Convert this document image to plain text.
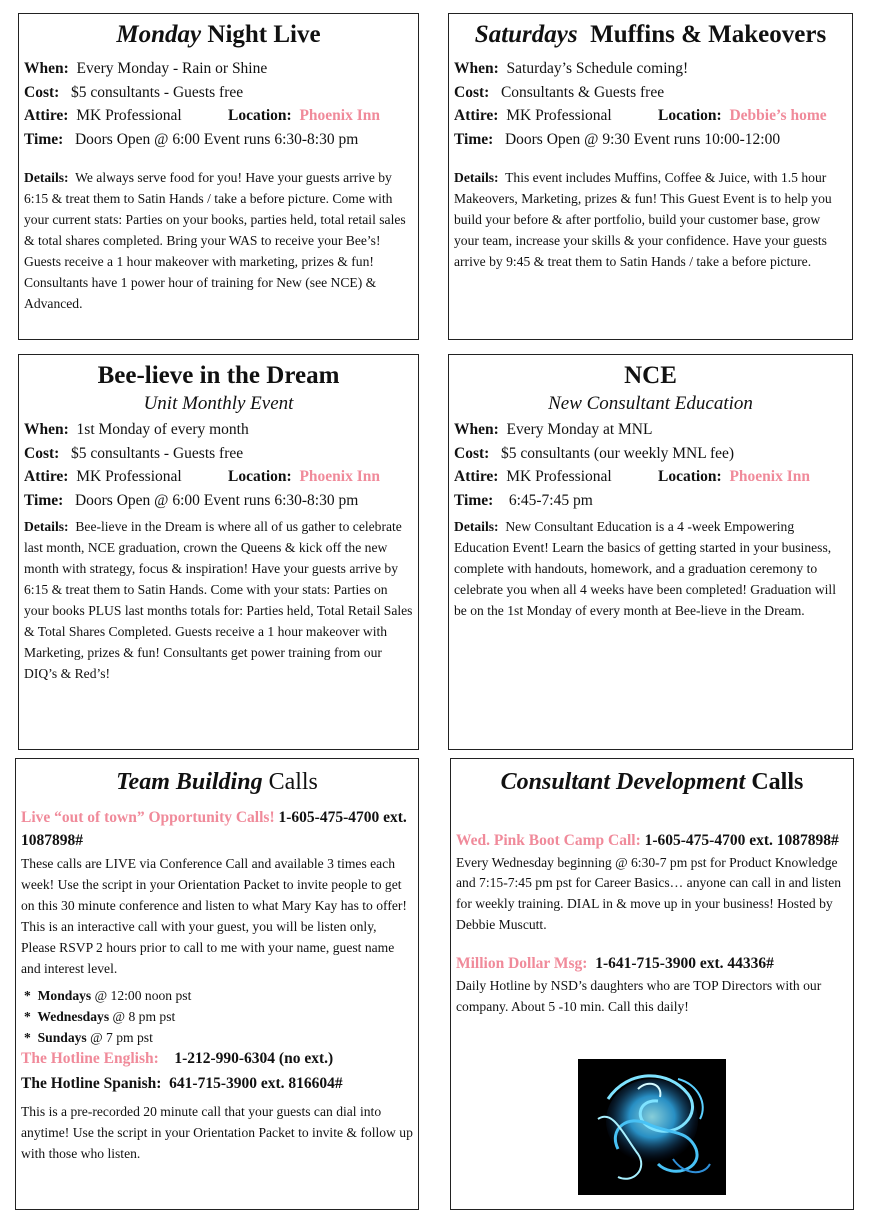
Monday Night Live
When: Every Monday - Rain or Shine
Cost: $5 consultants - Guests free
Attire: MK Professional	Location: Phoenix Inn
Time: Doors Open @ 6:00 Event runs 6:30-8:30 pm
Details: We always serve food for you! Have your guests arrive by 6:15 & treat them to Satin Hands / take a before picture. Come with your current stats: Parties on your books, parties held, total retail sales & total shares completed. Bring your WAS to receive your Bee’s! Guests receive a 1 hour makeover with marketing, prizes & fun! Consultants have 1 power hour of training for New (see NCE) & Advanced.
Saturdays Muffins & Makeovers
When: Saturday’s Schedule coming!
Cost: Consultants & Guests free
Attire: MK Professional	Location: Debbie’s home
Time: Doors Open @ 9:30 Event runs 10:00-12:00
Details: This event includes Muffins, Coffee & Juice, with 1.5 hour Makeovers, Marketing, prizes & fun! This Guest Event is to help you build your before & after portfolio, build your customer base, grow your team, increase your skills & your confidence. Have your guests arrive by 9:45 & treat them to Satin Hands / take a before picture.
Bee-lieve in the Dream
Unit Monthly Event
When: 1st Monday of every month
Cost: $5 consultants - Guests free
Attire: MK Professional	Location: Phoenix Inn
Time: Doors Open @ 6:00 Event runs 6:30-8:30 pm
Details: Bee-lieve in the Dream is where all of us gather to celebrate last month, NCE graduation, crown the Queens & kick off the new month with strategy, focus & inspiration! Have your guests arrive by 6:15 & treat them to Satin Hands. Come with your stats: Parties on your books PLUS last months totals for: Parties held, Total Retail Sales & Total Shares Completed. Guests receive a 1 hour makeover with Marketing, prizes & fun! Consultants get power training from our DIQ’s & Red’s!
NCE
New Consultant Education
When: Every Monday at MNL
Cost: $5 consultants (our weekly MNL fee)
Attire: MK Professional	Location: Phoenix Inn
Time: 6:45-7:45 pm
Details: New Consultant Education is a 4 -week Empowering Education Event! Learn the basics of getting started in your business, complete with handouts, homework, and a graduation ceremony to celebrate you when all 4 weeks have been completed! Graduation will be on the 1st Monday of every month at Bee-lieve in the Dream.
Team Building Calls
Live “out of town” Opportunity Calls! 1-605-475-4700 ext. 1087898#
These calls are LIVE via Conference Call and available 3 times each week! Use the script in your Orientation Packet to invite people to get on this 30 minute conference and listen to what Mary Kay has to offer! This is an interactive call with your guest, you will be listen only, Please RSVP 2 hours prior to call to me with your name, guest name and interest level.
*  Mondays @ 12:00 noon pst
*  Wednesdays @ 8 pm pst
*  Sundays @ 7 pm pst
The Hotline English: 1-212-990-6304 (no ext.)
The Hotline Spanish: 641-715-3900 ext. 816604#
This is a pre-recorded 20 minute call that your guests can dial into anytime! Use the script in your Orientation Packet to invite & follow up with those who listen.
Consultant Development Calls
Wed. Pink Boot Camp Call: 1-605-475-4700 ext. 1087898#
Every Wednesday beginning @ 6:30-7 pm pst for Product Knowledge and 7:15-7:45 pm pst for Career Basics… anyone can call in and listen for weekly training. DIAL in & move up in your business! Hosted by Debbie Muscutt.
Million Dollar Msg: 1-641-715-3900 ext. 44336#
Daily Hotline by NSD’s daughters who are TOP Directors with our company. About 5 -10 min. Call this daily!
